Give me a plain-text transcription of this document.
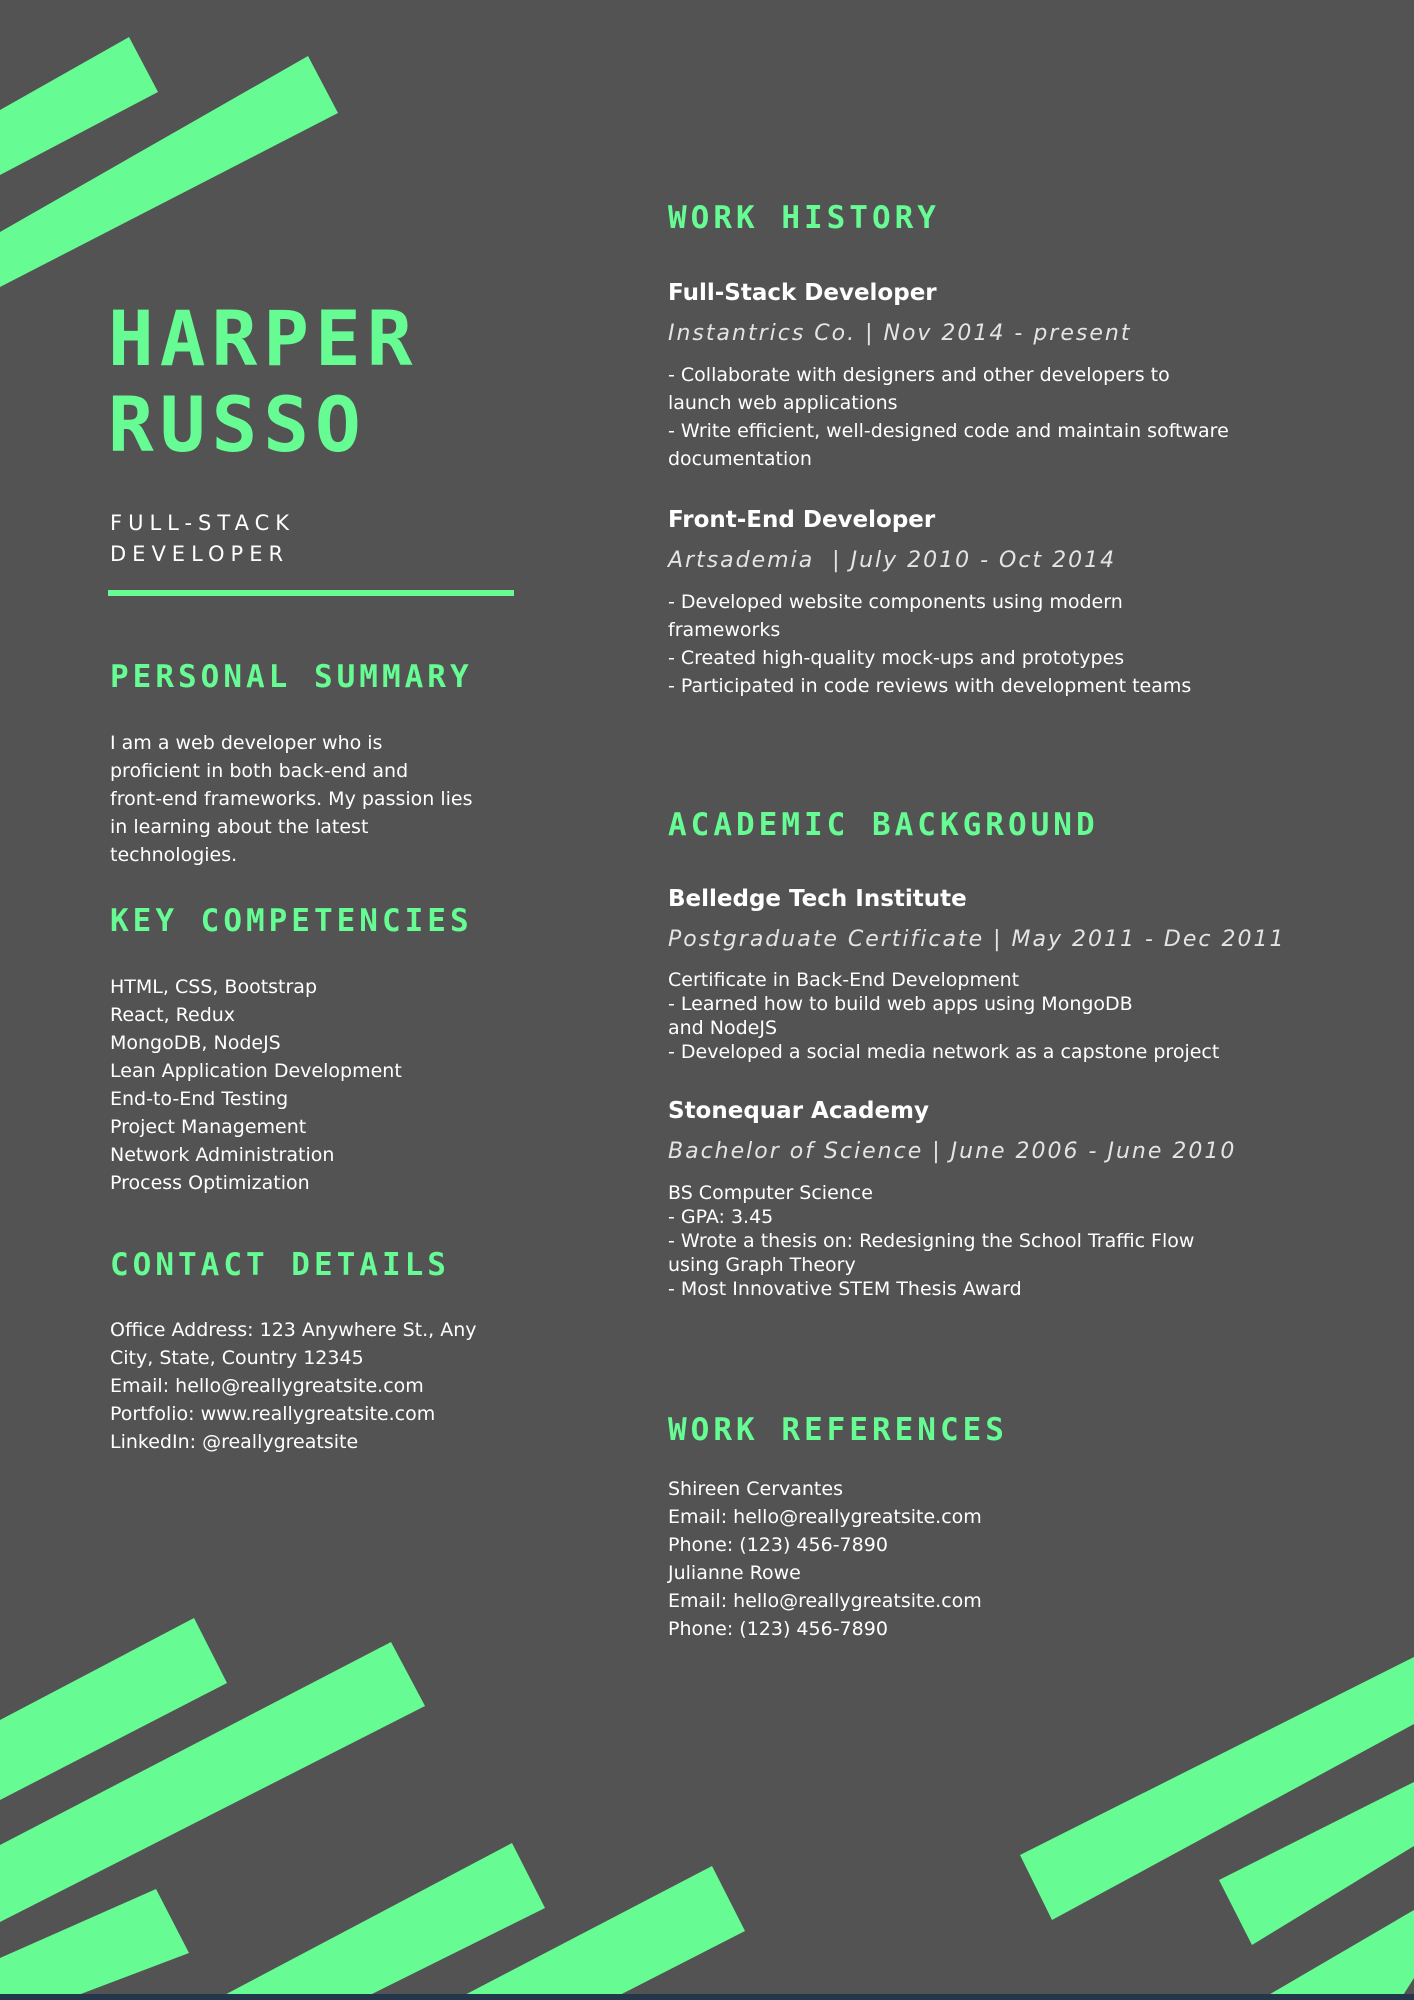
HARPER
RUSSO
FULL-STACK
DEVELOPER
PERSONAL SUMMARY
I am a web developer who is
proficient in both back-end and
front-end frameworks. My passion lies
in learning about the latest
technologies.
KEY COMPETENCIES
HTML, CSS, Bootstrap
React, Redux
MongoDB, NodeJS
Lean Application Development
End-to-End Testing
Project Management
Network Administration
Process Optimization
CONTACT DETAILS
Office Address: 123 Anywhere St., Any
City, State, Country 12345
Email: hello@reallygreatsite.com
Portfolio: www.reallygreatsite.com
LinkedIn: @reallygreatsite
WORK HISTORY
Full-Stack Developer
Instantrics Co. | Nov 2014 - present
- Collaborate with designers and other developers to
launch web applications
- Write efficient, well-designed code and maintain software
documentation
Front-End Developer
Artsademia  | July 2010 - Oct 2014
- Developed website components using modern
frameworks
- Created high-quality mock-ups and prototypes
- Participated in code reviews with development teams
ACADEMIC BACKGROUND
Belledge Tech Institute
Postgraduate Certificate | May 2011 - Dec 2011
Certificate in Back-End Development
- Learned how to build web apps using MongoDB
and NodeJS
- Developed a social media network as a capstone project
Stonequar Academy
Bachelor of Science | June 2006 - June 2010
BS Computer Science
- GPA: 3.45
- Wrote a thesis on: Redesigning the School Traffic Flow
using Graph Theory
- Most Innovative STEM Thesis Award
WORK REFERENCES
Shireen Cervantes
Email: hello@reallygreatsite.com
Phone: (123) 456-7890
Julianne Rowe
Email: hello@reallygreatsite.com
Phone: (123) 456-7890
